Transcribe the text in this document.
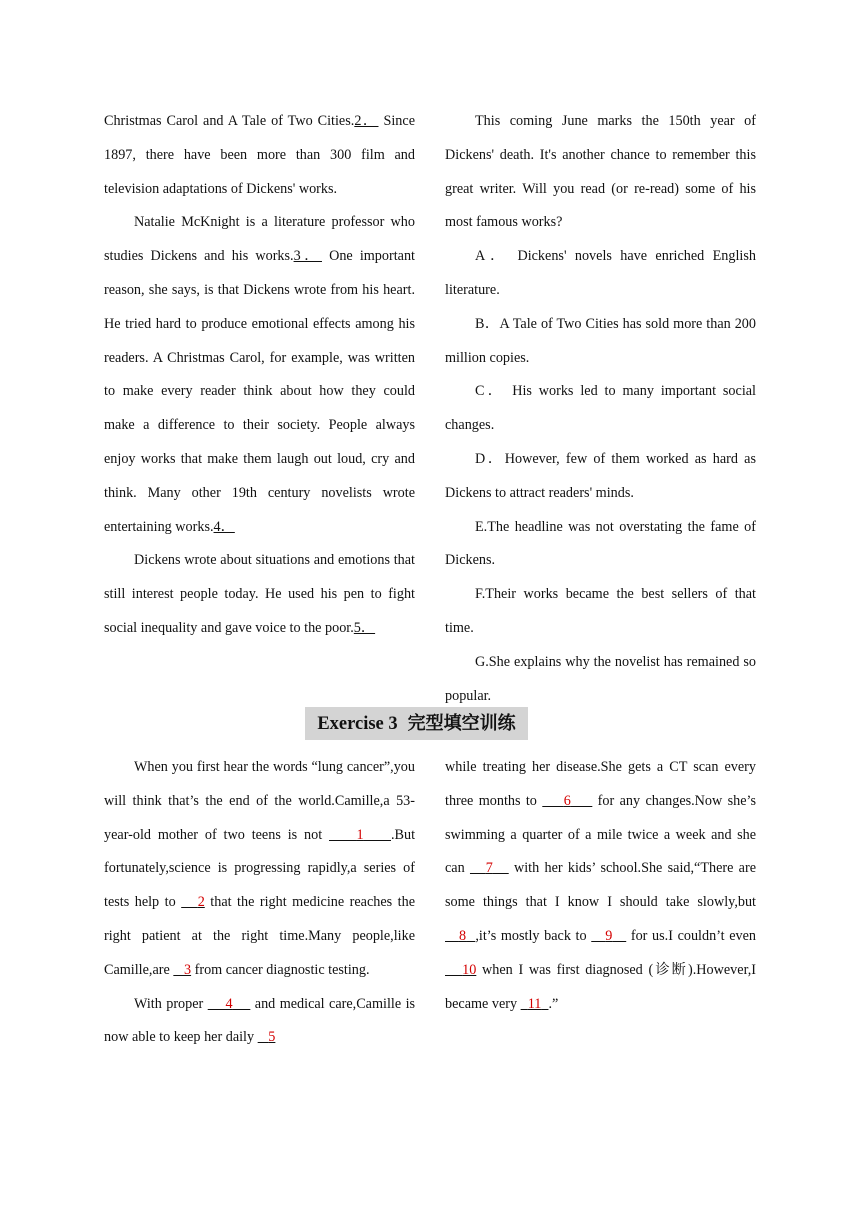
Christmas Carol and A Tale of Two Cities.2． Since 1897, there have been more than 300 film and television adaptations of Dickens' works.

Natalie McKnight is a literature professor who studies Dickens and his works.3． One important reason, she says, is that Dickens wrote from his heart. He tried hard to produce emotional effects among his readers. A Christmas Carol, for example, was written to make every reader think about how they could make a difference to their society. People always enjoy works that make them laugh out loud, cry and think. Many other 19th century novelists wrote entertaining works.4．

Dickens wrote about situations and emotions that still interest people today. He used his pen to fight social inequality and gave voice to the poor.5．

This coming June marks the 150th year of Dickens' death. It's another chance to remember this great writer. Will you read (or re-read) some of his most famous works?

A． Dickens' novels have enriched English literature.

B．A Tale of Two Cities has sold more than 200 million copies.

C． His works led to many important social changes.

D．However, few of them worked as hard as Dickens to attract readers' minds.

E.The headline was not overstating the fame of Dickens.

F.Their works became the best sellers of that time.

G.She explains why the novelist has remained so popular.

Exercise 3 完型填空训练

When you first hear the words “lung cancer”,you will think that’s the end of the world.Camille,a 53-year-old mother of two teens is not     1 .But fortunately,science is progressing rapidly,a series of tests help to    2 that the right medicine reaches the right patient at the right time.Many people,like Camille,are    3 from cancer diagnostic testing.

With proper     4     and medical care,Camille is now able to keep her daily    5

while treating her disease.She gets a CT scan every three months to     6     for any changes.Now she’s swimming a quarter of a mile twice a week and she can    7    with her kids’ school.She said,“There are some things that I know I should take slowly,but    8 ,it’s mostly back to    9    for us.I couldn’t even    10 when I was first diagnosed (诊断).However,I became very   11 .”
